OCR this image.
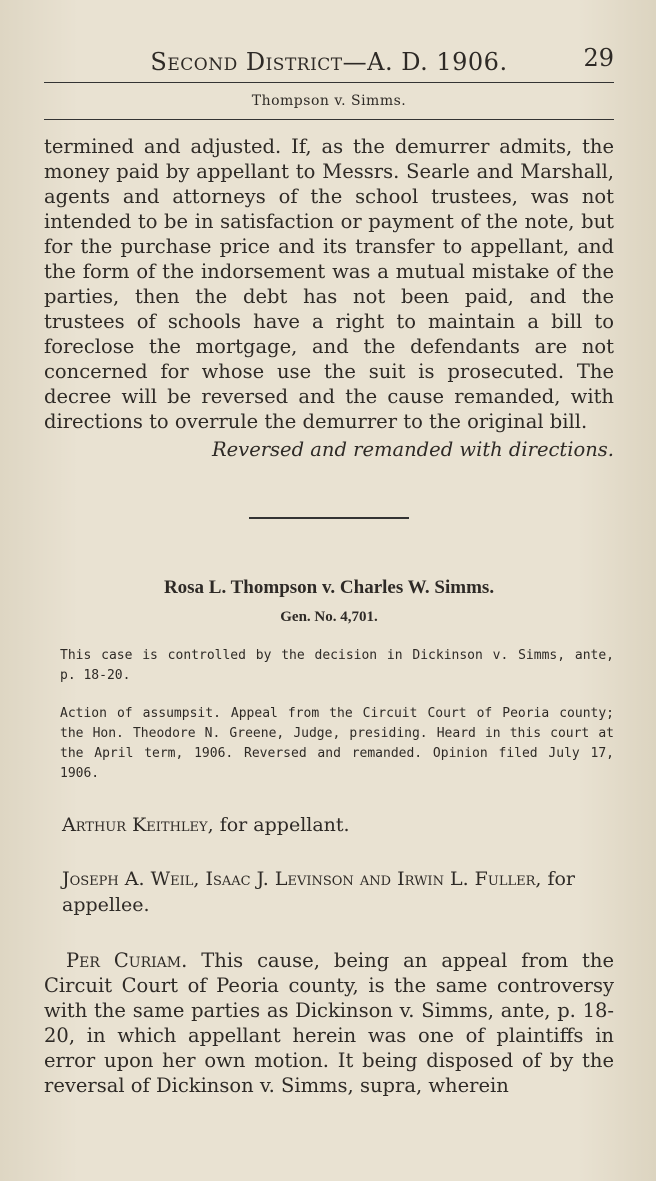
Second District—A. D. 1906.	29
Thompson v. Simms.

termined and adjusted. If, as the demurrer admits, the money paid by appellant to Messrs. Searle and Marshall, agents and attorneys of the school trustees, was not intended to be in satisfaction or payment of the note, but for the purchase price and its transfer to appellant, and the form of the indorsement was a mutual mistake of the parties, then the debt has not been paid, and the trustees of schools have a right to maintain a bill to foreclose the mortgage, and the defendants are not concerned for whose use the suit is prosecuted. The decree will be reversed and the cause remanded, with directions to overrule the demurrer to the original bill.

Reversed and remanded with directions.

Rosa L. Thompson v. Charles W. Simms.
Gen. No. 4,701.

This case is controlled by the decision in Dickinson v. Simms, ante, p. 18-20.

Action of assumpsit. Appeal from the Circuit Court of Peoria county; the Hon. Theodore N. Greene, Judge, presiding. Heard in this court at the April term, 1906. Reversed and remanded. Opinion filed July 17, 1906.

Arthur Keithley, for appellant.

Joseph A. Weil, Isaac J. Levinson and Irwin L. Fuller, for appellee.

Per Curiam. This cause, being an appeal from the Circuit Court of Peoria county, is the same controversy with the same parties as Dickinson v. Simms, ante, p. 18-20, in which appellant herein was one of plaintiffs in error upon her own motion. It being disposed of by the reversal of Dickinson v. Simms, supra, wherein
